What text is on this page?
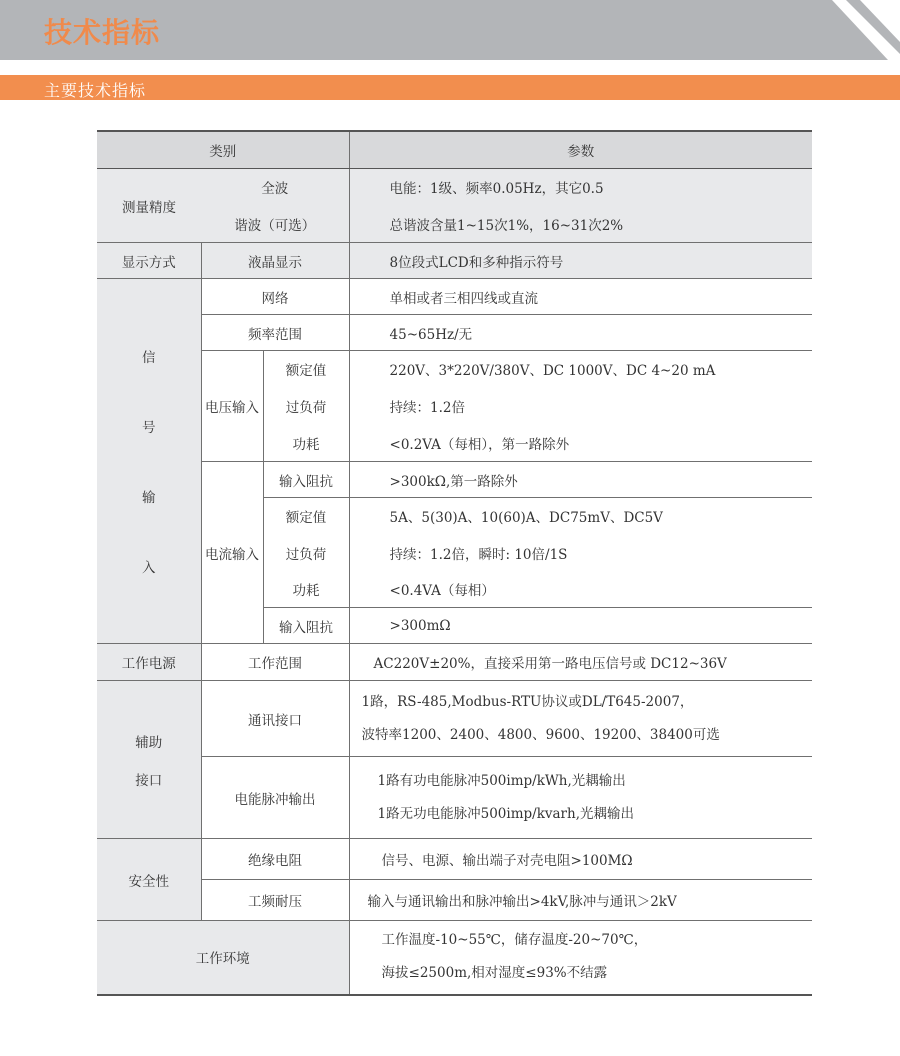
技术指标
主要技术指标
类别			参数
测量精度	全波		电能：1级、频率0.05Hz，其它0.5
	谐波（可选）		总谐波含量1~15次1%，16~31次2%
显示方式	液晶显示		8位段式LCD和多种指示符号

信
号
输
入	网络		单相或者三相四线或直流
	频率范围		45~65Hz/无
	电压输入	额定值	220V、3*220V/380V、DC 1000V、DC 4~20 mA
		过负荷	持续：1.2倍
		功耗	<0.2VA（每相），第一路除外
	电流输入	输入阻抗	>300kΩ,第一路除外
		额定值	5A、5(30)A、10(60)A、DC75mV、DC5V
		过负荷	持续：1.2倍，瞬时: 10倍/1S
		功耗	<0.4VA（每相）
		输入阻抗	>300mΩ
工作电源	工作范围		AC220V±20%，直接采用第一路电压信号或 DC12~36V

辅助
接口	通讯接口		1路，RS-485,Modbus-RTU协议或DL/T645-2007，
波特率1200、2400、4800、9600、19200、38400可选

	电能脉冲输出		1路有功电能脉冲500imp/kWh,光耦输出
1路无功电能脉冲500imp/kvarh,光耦输出

安全性	绝缘电阻		信号、电源、输出端子对壳电阻>100MΩ
	工频耐压		输入与通讯输出和脉冲输出>4kV,脉冲与通讯＞2kV
工作环境			工作温度-10~55℃，储存温度-20~70℃，
海拔≤2500m,相对湿度≤93%不结露
